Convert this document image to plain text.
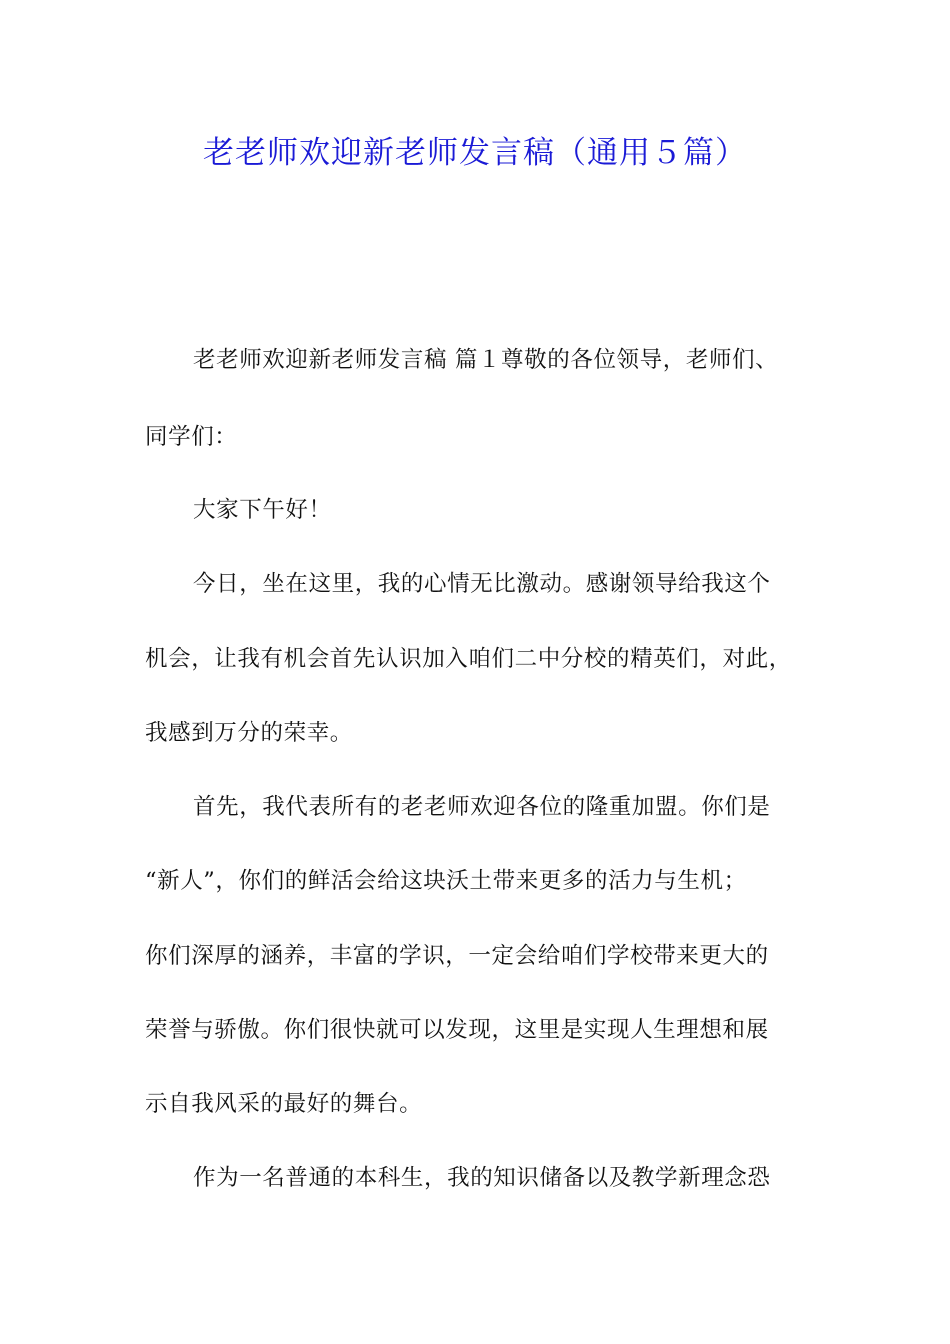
老老师欢迎新老师发言稿（通用５篇）
老老师欢迎新老师发言稿 篇１尊敬的各位领导，老师们、
同学们：
大家下午好！
今日，坐在这里，我的心情无比激动。感谢领导给我这个
机会，让我有机会首先认识加入咱们二中分校的精英们，对此，
我感到万分的荣幸。
首先，我代表所有的老老师欢迎各位的隆重加盟。你们是
“新人”，你们的鲜活会给这块沃土带来更多的活力与生机；
你们深厚的涵养，丰富的学识，一定会给咱们学校带来更大的
荣誉与骄傲。你们很快就可以发现，这里是实现人生理想和展
示自我风采的最好的舞台。
作为一名普通的本科生，我的知识储备以及教学新理念恐
